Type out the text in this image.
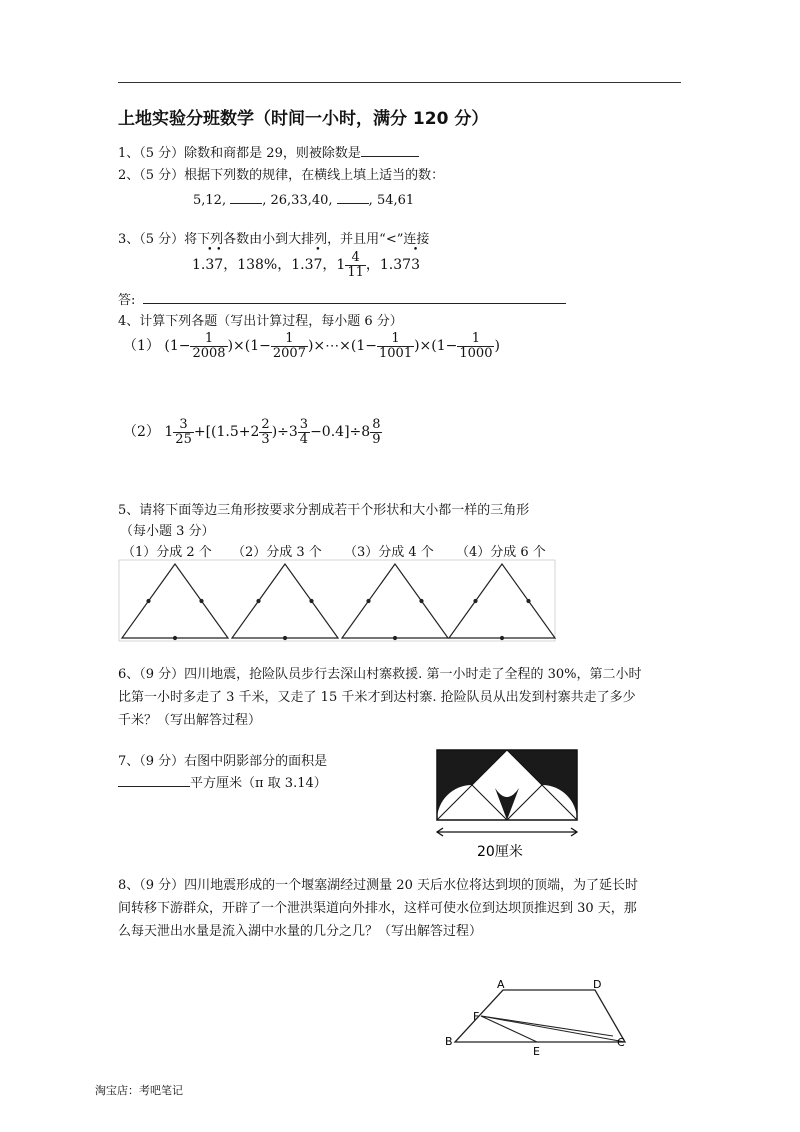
上地实验分班数学（时间一小时，满分 120 分）
1、（5 分）除数和商都是 29，则被除数是
2、（5 分）根据下列数的规律，在横线上填上适当的数：
5,12,	, 26,33,40,	, 54,61
3、（5 分）将下列各数由小到大排列，并且用“<”连接
1.• 3• 7，138%，1.3• 7，$1 \frac{4}{11}$ ，1.37• 3
答:
4、计算下列各题（写出计算过程，每小题 6 分）
（1） $(1- \frac{1}{2008} )\times(1- \frac{1}{2007}$ )×⋯×(1− $\frac{1}{1001} )\times(1- \frac{1}{1000}$ )
（2） $1 \frac{3}{25} +[(1.5+2 \frac{2}{3} )\div 3 \frac{3}{4} -0.4]\div 8 \frac{8}{9}$
5、请将下面等边三角形按要求分割成若干个形状和大小都一样的三角形
（每小题 3 分）
（1）分成 2 个 （2）分成 3 个 （3）分成 4 个 （4）分成 6 个
6、（9 分）四川地震，抢险队员步行去深山村寨救援. 第一小时走了全程的 30%，第二小时
比第一小时多走了 3 千米，又走了 15 千米才到达村寨. 抢险队员从出发到村寨共走了多少
千米？（写出解答过程）
7、（9 分）右图中阴影部分的面积是
平方厘米（π 取 3.14）
20厘米
8、（9 分）四川地震形成的一个堰塞湖经过测量 20 天后水位将达到坝的顶端，为了延长时
间转移下游群众，开辟了一个泄洪渠道向外排水，这样可使水位到达坝顶推迟到 30 天，那
么每天泄出水量是流入湖中水量的几分之几？（写出解答过程）
A	D
F
B	C
E
淘宝店：考吧笔记
